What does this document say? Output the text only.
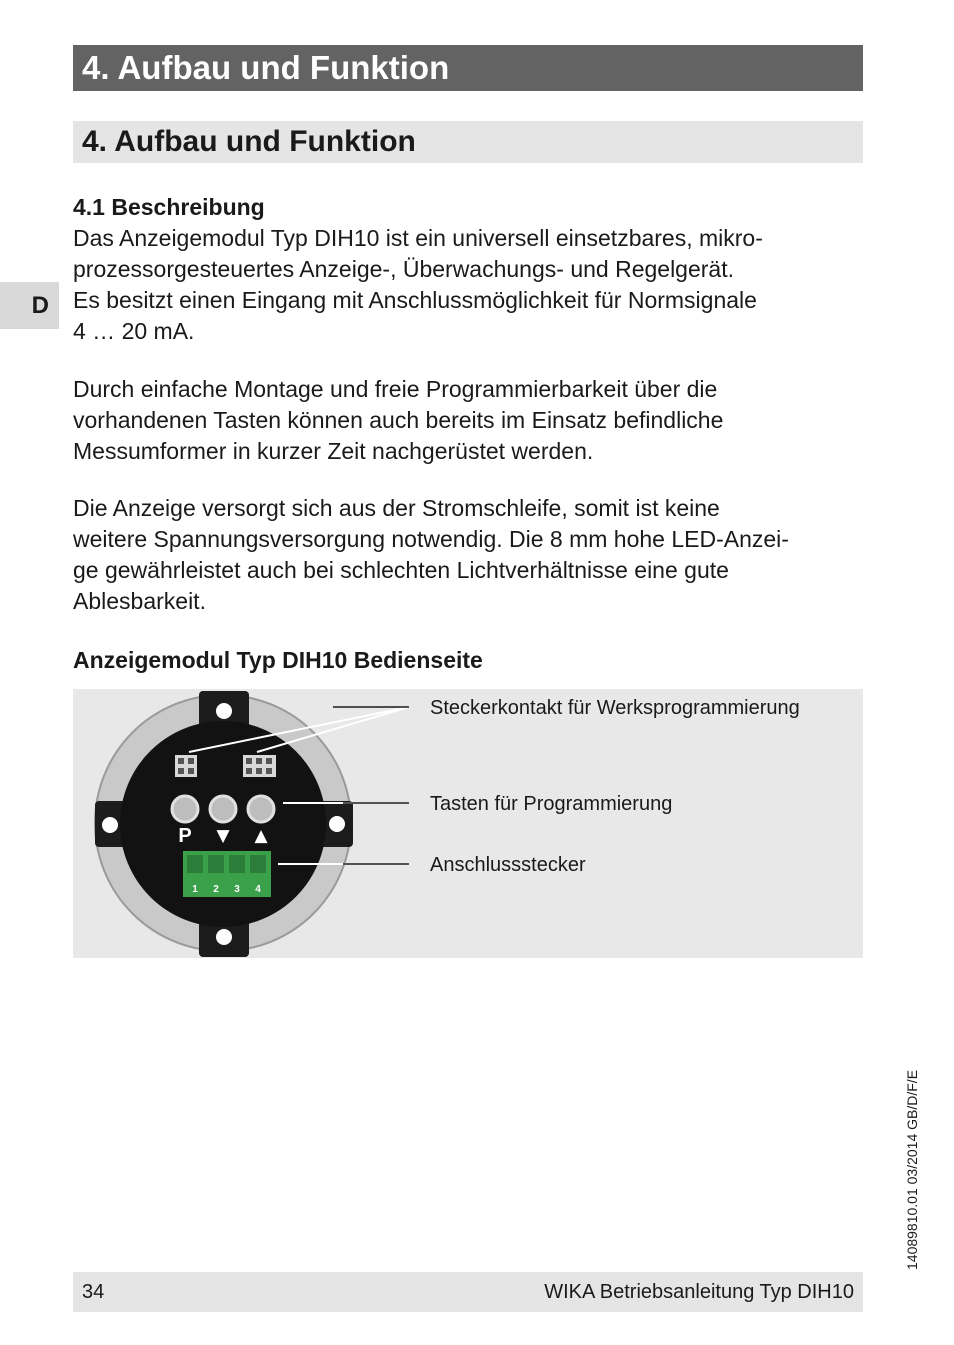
4. Aufbau und Funktion
4. Aufbau und Funktion
D
4.1 Beschreibung
Das Anzeigemodul Typ DIH10 ist ein universell einsetzbares, mikro-
prozessorgesteuertes Anzeige-, Überwachungs- und Regelgerät.
Es besitzt einen Eingang mit Anschlussmöglichkeit für Normsignale
4 … 20 mA.
Durch einfache Montage und freie Programmierbarkeit über die
vorhandenen Tasten können auch bereits im Einsatz befindliche
Messumformer in kurzer Zeit nachgerüstet werden.
Die Anzeige versorgt sich aus der Stromschleife, somit ist keine
weitere Spannungsversorgung notwendig. Die 8 mm hohe LED-Anzei-
ge gewährleistet auch bei schlechten Lichtverhältnisse eine gute
Ablesbarkeit.
Anzeigemodul Typ DIH10 Bedienseite
P ▼ ▲
1 2 3 4
Steckerkontakt für Werksprogrammierung
Tasten für Programmierung
Anschlussstecker
14089810.01 03/2014 GB/D/F/E
34	WIKA Betriebsanleitung Typ DIH10
